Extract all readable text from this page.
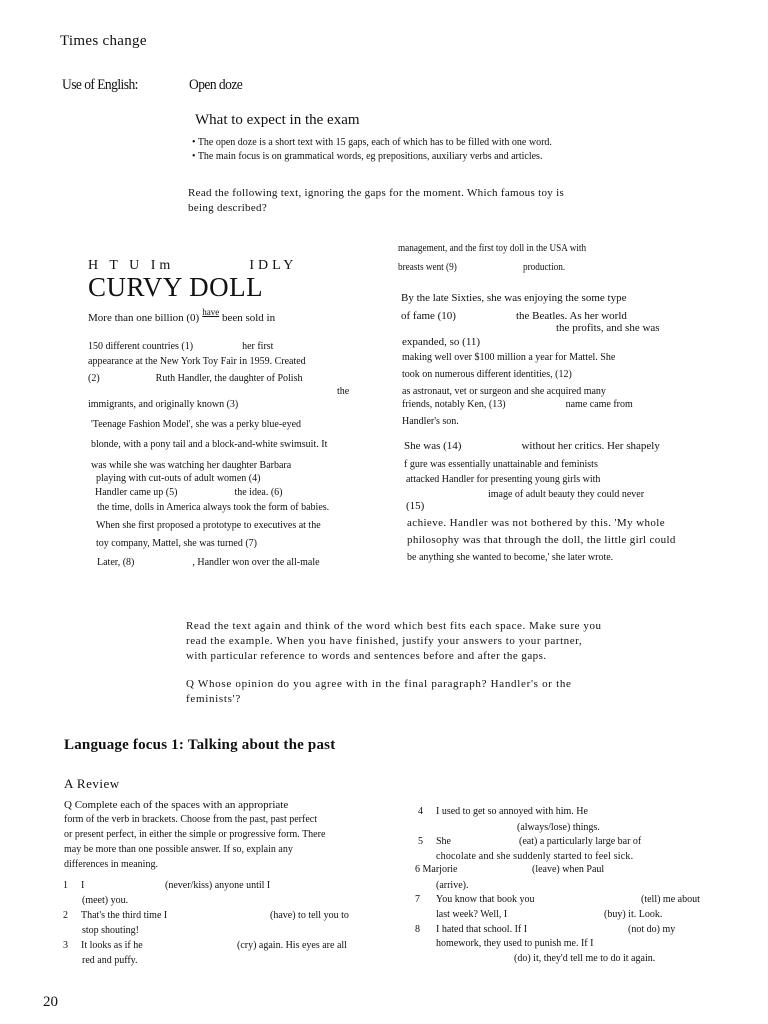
Times change
Use of English:	Open doze
What to expect in the exam
• The open doze is a short text with 15 gaps, each of which has to be filled with one word.
• The main focus is on grammatical words, eg prepositions, auxiliary verbs and articles.
Read the following text, ignoring the gaps for the moment. Which famous toy is
being described?
H T U Im          IDLY
CURVY DOLL
More than one billion (0) $^{have}$ been sold in
150 different countries (1)	her first
appearance at the New York Toy Fair in 1959. Created
(2)	Ruth Handler, the daughter of Polish
the
immigrants, and originally known (3)
'Teenage Fashion Model', she was a perky blue-eyed
blonde, with a pony tail and a block-and-white swimsuit. It
was while she was watching her daughter Barbara
playing with cut-outs of adult women (4)
Handler came up (5)	the idea. (6)
the time, dolls in America always took the form of babies.
When she first proposed a prototype to executives at the
toy company, Mattel, she was turned (7)
Later, (8)	, Handler won over the all-male
management, and the first toy doll in the USA with
breasts went (9)	production.
By the late Sixties, she was enjoying the some type
of fame (10)	the Beatles. As her world
the profits, and she was
expanded, so (11)
making well over $100 million a year for Mattel. She
took on numerous different identities, (12)
as astronaut, vet or surgeon and she acquired many
friends, notably Ken, (13)	name came from
Handler's son.
She was (14)	without her critics. Her shapely
f gure was essentially unattainable and feminists
attacked Handler for presenting young girls with
image of adult beauty they could never
(15)
achieve. Handler was not bothered by this. 'My whole
philosophy was that through the doll, the little girl could
be anything she wanted to become,' she later wrote.
Read the text again and think of the word which best fits each space. Make sure you
read the example. When you have finished, justify your answers to your partner,
with particular reference to words and sentences before and after the gaps.
Q Whose opinion do you agree with in the final paragraph? Handler's or the
feminists'?
Language focus 1: Talking about the past
A Review
Q Complete each of the spaces with an appropriate
form of the verb in brackets. Choose from the past, past perfect
or present perfect, in either the simple or progressive form. There
may be more than one possible answer. If so, explain any
differences in meaning.
1 I	(never/kiss) anyone until I
(meet) you.
2 That's the third time I	(have) to tell you to
stop shouting!
3 It looks as if he	(cry) again. His eyes are all
red and puffy.
4 I used to get so annoyed with him. He
(always/lose) things.
5 She	(eat) a particularly large bar of
chocolate and she suddenly started to feel sick.
6 Marjorie	(leave) when Paul
(arrive).
7 You know that book you	(tell) me about
last week? Well, I	(buy) it. Look.
8 I hated that school. If I	(not do) my
homework, they used to punish me. If I
(do) it, they'd tell me to do it again.
20
